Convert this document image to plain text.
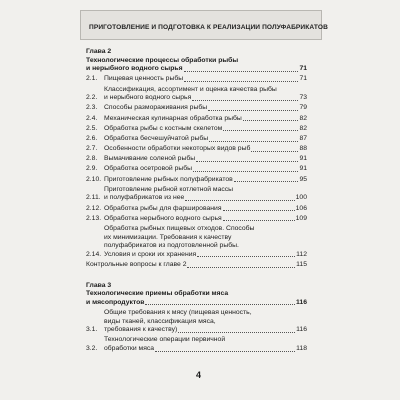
ПРИГОТОВЛЕНИЕ И ПОДГОТОВКА К РЕАЛИЗАЦИИ ПОЛУФАБРИКАТОВ
Глава 2
Технологические процессы обработки рыбы
и нерыбного водного сырья	71
2.1. Пищевая ценность рыбы	71
2.2.
Классификация, ассортимент и оценка качества рыбы
и нерыбного водного сырья	73
2.3. Способы размораживания рыбы	79
2.4. Механическая кулинарная обработка рыбы	82
2.5. Обработка рыбы с костным скелетом	82
2.6. Обработка бесчешуйчатой рыбы	87
2.7. Особенности обработки некоторых видов рыб	88
2.8. Вымачивание соленой рыбы	91
2.9. Обработка осетровой рыбы	91
2.10. Приготовление рыбных полуфабрикатов	95
2.11.
Приготовление рыбной котлетной массы
и полуфабрикатов из нее	100
2.12. Обработка рыбы для фарширования	106
2.13. Обработка нерыбного водного сырья	109
2.14.
Обработка рыбных пищевых отходов. Способы
их минимизации. Требования к качеству
полуфабрикатов из подготовленной рыбы.
Условия и сроки их хранения	112
Контрольные вопросы к главе 2	115
Глава 3
Технологические приемы обработки мяса
и мясопродуктов	116
3.1.
Общие требования к мясу (пищевая ценность,
виды тканей, классификация мяса,
требования к качеству)	116
3.2.
Технологические операции первичной
обработки мяса	118
4
